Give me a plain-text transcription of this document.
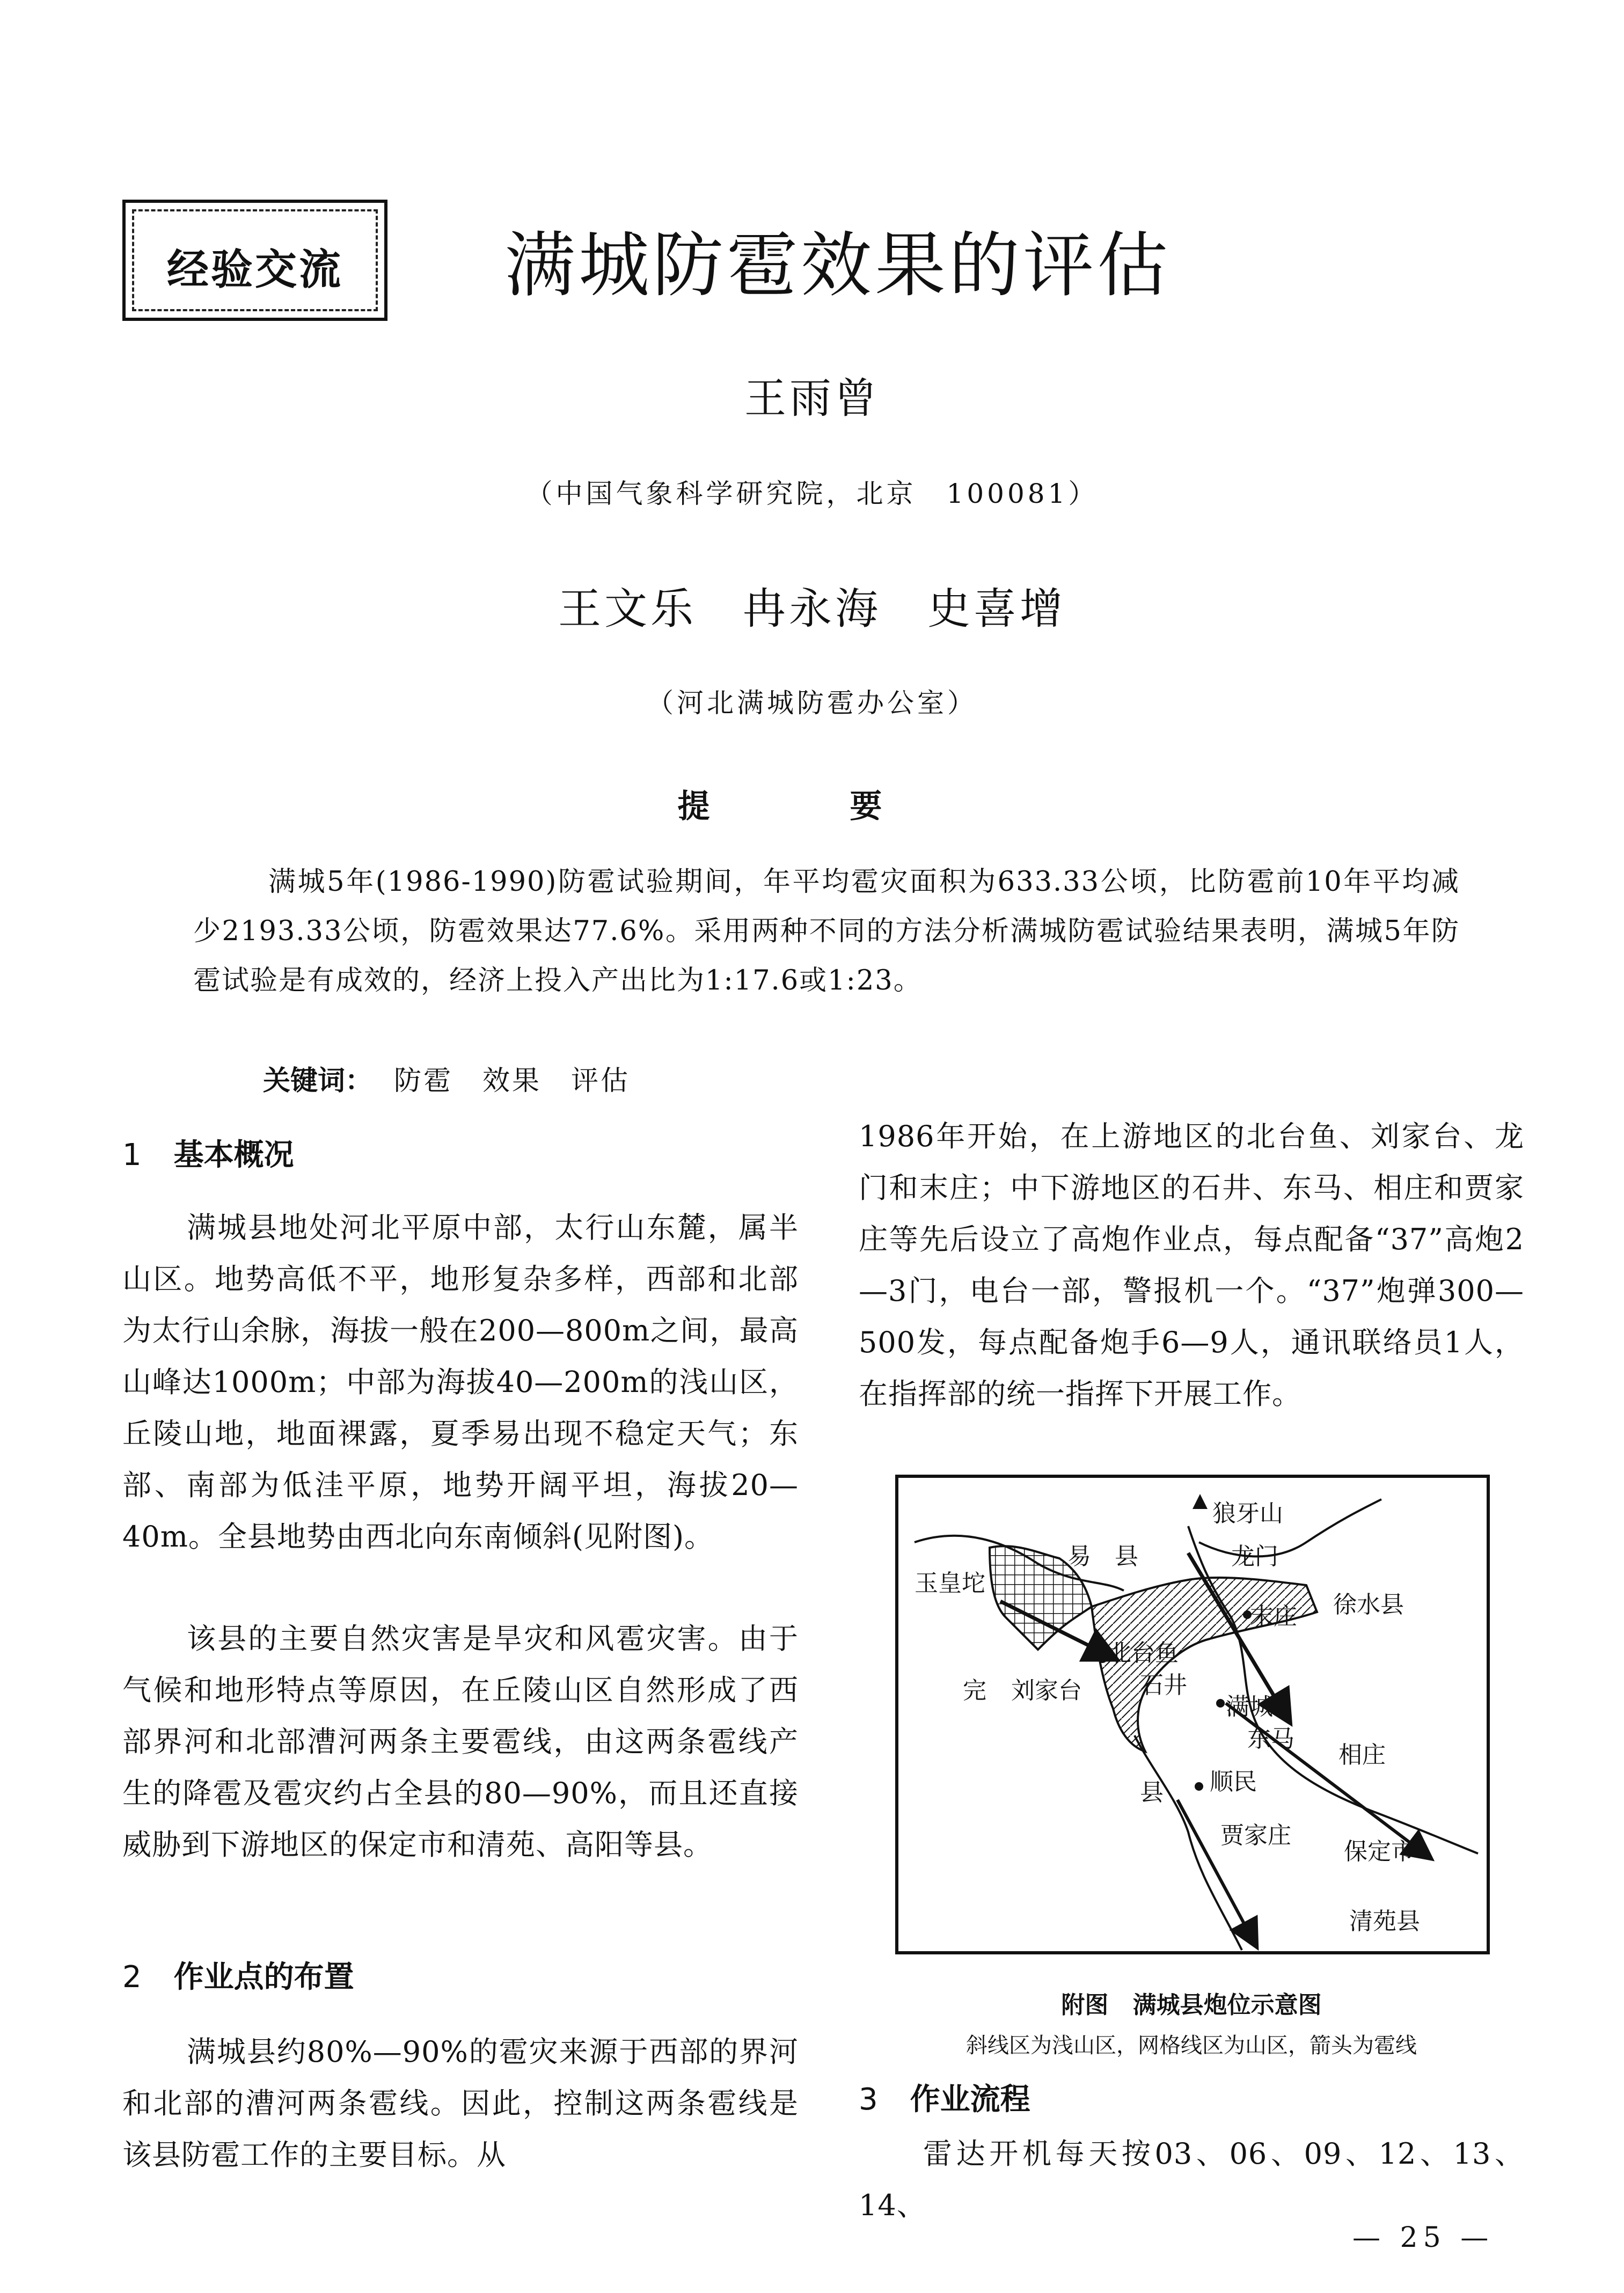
经验交流	满城防雹效果的评估
王雨曾
（中国气象科学研究院，北京　100081）
王文乐　冉永海　史喜增
（河北满城防雹办公室）
提 要
满城5年(1986-1990)防雹试验期间，年平均雹灾面积为633.33公顷，比防雹前10年平均减少2193.33公顷，防雹效果达77.6%。采用两种不同的方法分析满城防雹试验结果表明，满城5年防雹试验是有成效的，经济上投入产出比为1:17.6或1:23。
关键词： 防雹　效果　评估
1 基本概况
满城县地处河北平原中部，太行山东麓，属半山区。地势高低不平，地形复杂多样，西部和北部为太行山余脉，海拔一般在200—800m之间，最高山峰达1000m；中部为海拔40—200m的浅山区，丘陵山地，地面裸露，夏季易出现不稳定天气；东部、南部为低洼平原，地势开阔平坦，海拔20—40m。全县地势由西北向东南倾斜(见附图)。
该县的主要自然灾害是旱灾和风雹灾害。由于气候和地形特点等原因，在丘陵山区自然形成了西部界河和北部漕河两条主要雹线，由这两条雹线产生的降雹及雹灾约占全县的80—90%，而且还直接威胁到下游地区的保定市和清苑、高阳等县。
2 作业点的布置
满城县约80%—90%的雹灾来源于西部的界河和北部的漕河两条雹线。因此，控制这两条雹线是该县防雹工作的主要目标。从
1986年开始，在上游地区的北台鱼、刘家台、龙门和末庄；中下游地区的石井、东马、相庄和贾家庄等先后设立了高炮作业点，每点配备“37”高炮2—3门，电台一部，警报机一个。“37”炮弹300—500发，每点配备炮手6—9人，通讯联络员1人，在指挥部的统一指挥下开展工作。
狼牙山
易　县	龙门
玉皇坨
末庄 徐水县
北台鱼
完 刘家台 石井
满城
东马
相庄
顺民
县
贾家庄
保定市
清苑县
附图 满城县炮位示意图
斜线区为浅山区，网格线区为山区，箭头为雹线
3 作业流程
雷达开机每天按03、06、09、12、13、14、
— 25 —
